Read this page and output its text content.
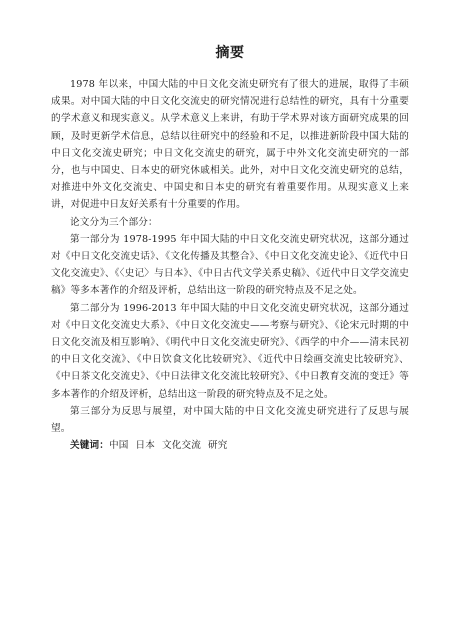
摘要

1978 年以来，中国大陆的中日文化交流史研究有了很大的进展，取得了丰硕成果。对中国大陆的中日文化交流史的研究情况进行总结性的研究，具有十分重要的学术意义和现实意义。从学术意义上来讲，有助于学术界对该方面研究成果的回顾，及时更新学术信息，总结以往研究中的经验和不足，以推进新阶段中国大陆的中日文化交流史研究；中日文化交流史的研究，属于中外文化交流史研究的一部分，也与中国史、日本史的研究休戚相关。此外，对中日文化交流史研究的总结，对推进中外文化交流史、中国史和日本史的研究有着重要作用。从现实意义上来讲，对促进中日友好关系有十分重要的作用。

论文分为三个部分：

第一部分为 1978-1995 年中国大陆的中日文化交流史研究状况，这部分通过对《中日文化交流史话》、《文化传播及其整合》、《中日文化交流史论》、《近代中日文化交流史》、《〈史记〉与日本》、《中日古代文学关系史稿》、《近代中日文学交流史稿》等多本著作的介绍及评析，总结出这一阶段的研究特点及不足之处。

第二部分为 1996-2013 年中国大陆的中日文化交流史研究状况，这部分通过对《中日文化交流史大系》、《中日文化交流史——考察与研究》、《论宋元时期的中日文化交流及相互影响》、《明代中日文化交流史研究》、《西学的中介——清末民初的中日文化交流》、《中日饮食文化比较研究》、《近代中日绘画交流史比较研究》、《中日茶文化交流史》、《中日法律文化交流比较研究》、《中日教育交流的变迁》等多本著作的介绍及评析，总结出这一阶段的研究特点及不足之处。

第三部分为反思与展望，对中国大陆的中日文化交流史研究进行了反思与展望。

关键词：中国 日本 文化交流 研究
